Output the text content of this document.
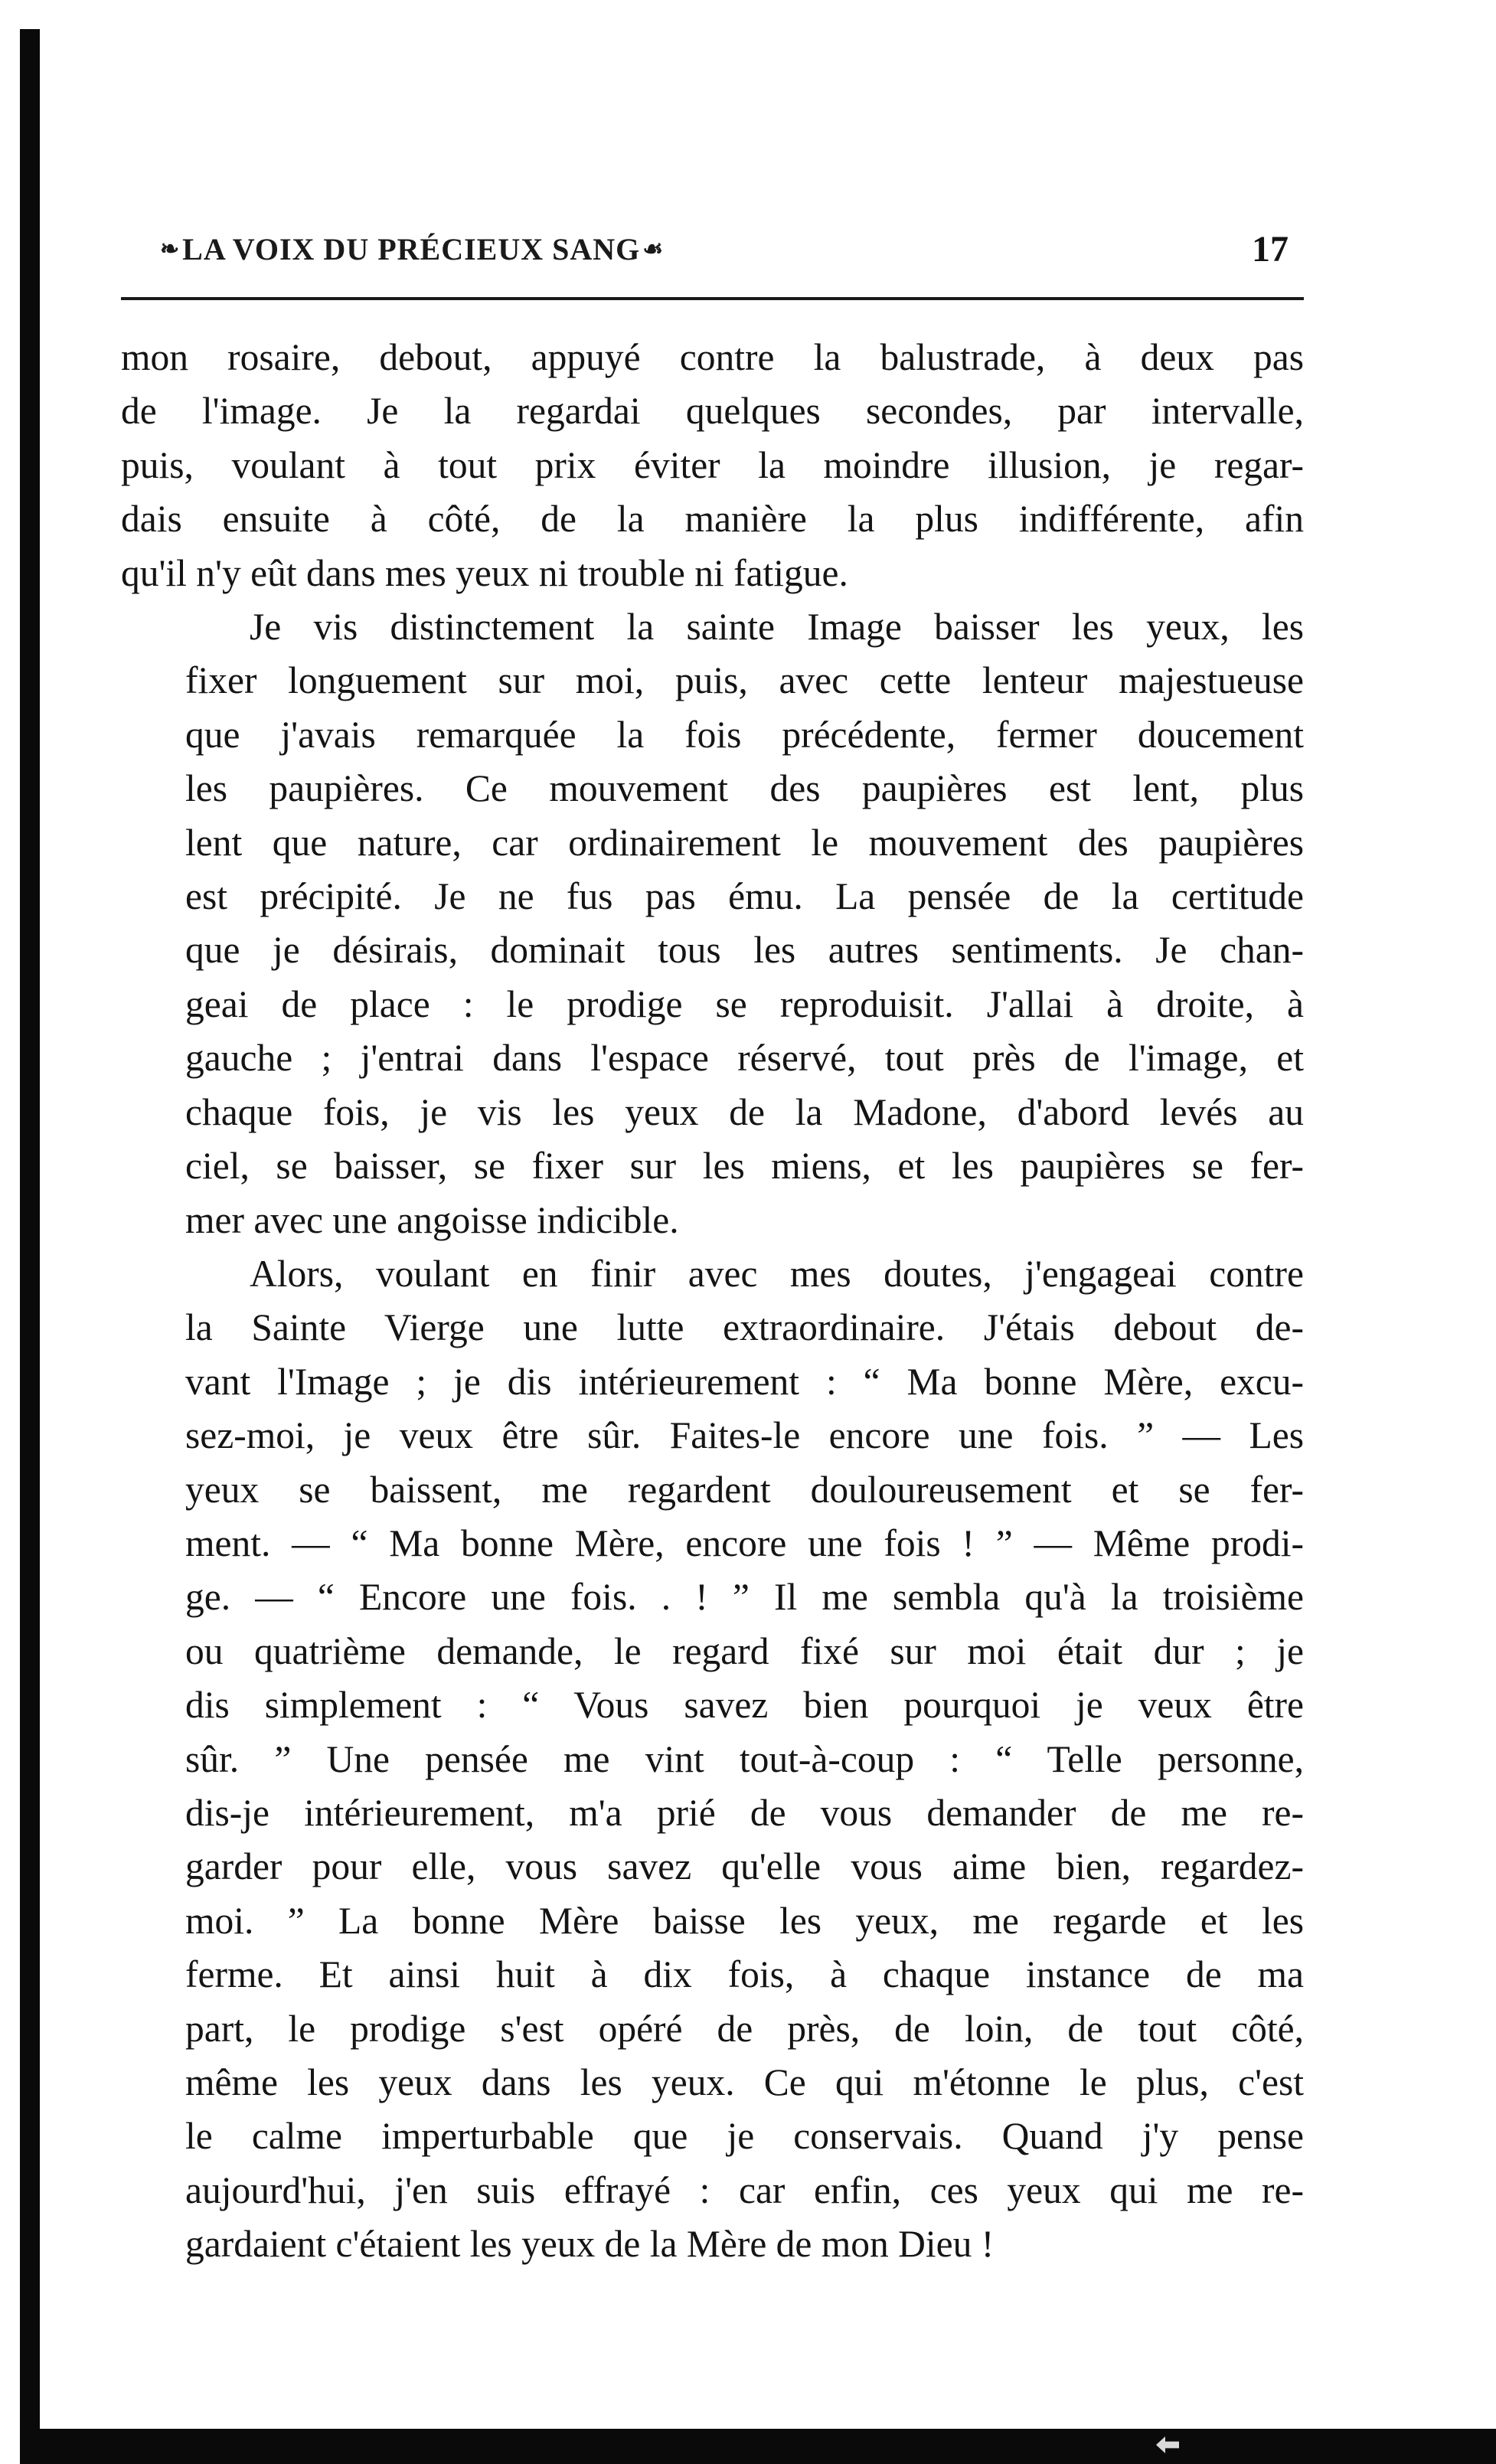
❧LA VOIX DU PRÉCIEUX SANG ☙	17

mon rosaire, debout, appuyé contre la balustrade, à deux pas
de l'image. Je la regardai quelques secondes, par intervalle,
puis, voulant à tout prix éviter la moindre illusion, je regar-
dais ensuite à côté, de la manière la plus indifférente, afin
qu'il n'y eût dans mes yeux ni trouble ni fatigue.

Je vis distinctement la sainte Image baisser les yeux, les
fixer longuement sur moi, puis, avec cette lenteur majestueuse
que j'avais remarquée la fois précédente, fermer doucement
les paupières. Ce mouvement des paupières est lent, plus
lent que nature, car ordinairement le mouvement des paupières
est précipité. Je ne fus pas ému. La pensée de la certitude
que je désirais, dominait tous les autres sentiments. Je chan-
geai de place : le prodige se reproduisit. J'allai à droite, à
gauche ; j'entrai dans l'espace réservé, tout près de l'image, et
chaque fois, je vis les yeux de la Madone, d'abord levés au
ciel, se baisser, se fixer sur les miens, et les paupières se fer-
mer avec une angoisse indicible.

Alors, voulant en finir avec mes doutes, j'engageai contre
la Sainte Vierge une lutte extraordinaire. J'étais debout de-
vant l'Image ; je dis intérieurement : “ Ma bonne Mère, excu-
sez-moi, je veux être sûr. Faites-le encore une fois. ” — Les
yeux se baissent, me regardent douloureusement et se fer-
ment. — “ Ma bonne Mère, encore une fois ! ” — Même prodi-
ge. — “ Encore une fois. . ! ” Il me sembla qu'à la troisième
ou quatrième demande, le regard fixé sur moi était dur ; je
dis simplement : “ Vous savez bien pourquoi je veux être
sûr. ” Une pensée me vint tout-à-coup : “ Telle personne,
dis-je intérieurement, m'a prié de vous demander de me re-
garder pour elle, vous savez qu'elle vous aime bien, regardez-
moi. ” La bonne Mère baisse les yeux, me regarde et les
ferme. Et ainsi huit à dix fois, à chaque instance de ma
part, le prodige s'est opéré de près, de loin, de tout côté,
même les yeux dans les yeux. Ce qui m'étonne le plus, c'est
le calme imperturbable que je conservais. Quand j'y pense
aujourd'hui, j'en suis effrayé : car enfin, ces yeux qui me re-
gardaient c'étaient les yeux de la Mère de mon Dieu !
